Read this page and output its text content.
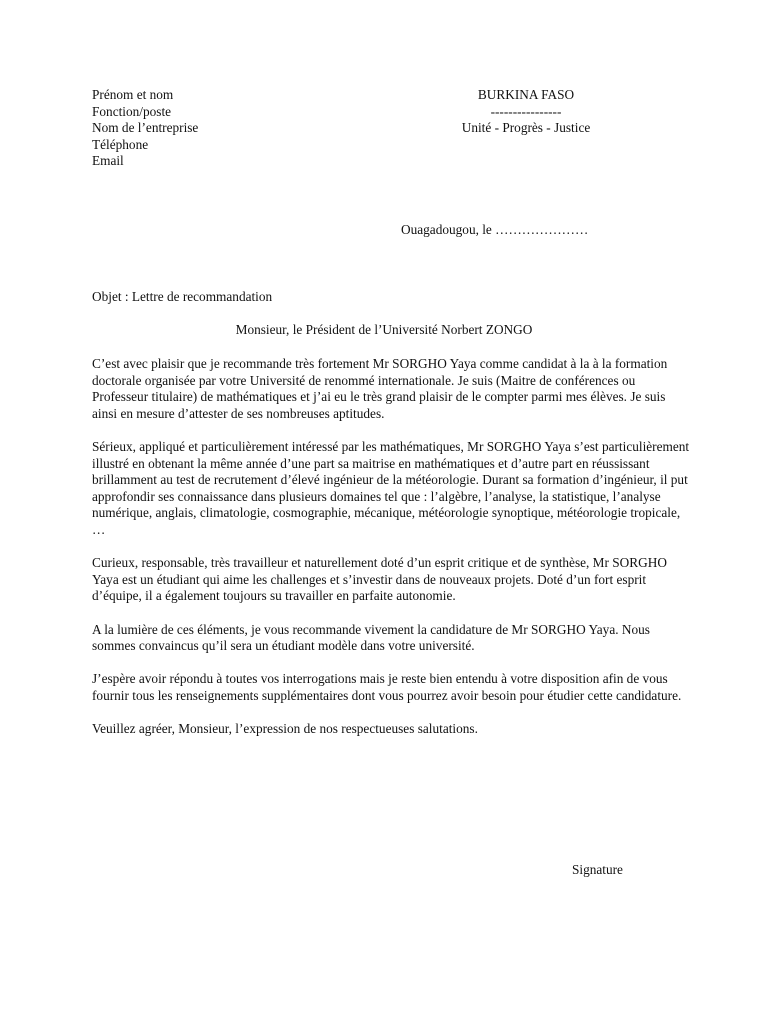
Prénom et nom
Fonction/poste
Nom de l’entreprise
Téléphone
Email
BURKINA FASO
----------------
Unité - Progrès - Justice
Ouagadougou, le …………………
Objet : Lettre de recommandation
Monsieur, le Président de l’Université Norbert ZONGO

C’est avec plaisir que je recommande très fortement Mr SORGHO Yaya comme candidat à la à la formation doctorale organisée par votre Université de renommé internationale. Je suis (Maitre de conférences ou Professeur titulaire) de mathématiques et j’ai eu le très grand plaisir de le compter parmi mes élèves. Je suis ainsi en mesure d’attester de ses nombreuses aptitudes.

Sérieux, appliqué et particulièrement intéressé par les mathématiques, Mr SORGHO Yaya s’est particulièrement illustré en obtenant la même année d’une part sa maitrise en mathématiques et d’autre part en réussissant brillamment au test de recrutement d’élevé ingénieur de la météorologie. Durant sa formation d’ingénieur, il put approfondir ses connaissance dans plusieurs domaines tel que : l’algèbre, l’analyse, la statistique, l’analyse numérique, anglais, climatologie, cosmographie, mécanique, météorologie synoptique, météorologie tropicale, …

Curieux, responsable, très travailleur et naturellement doté d’un esprit critique et de synthèse, Mr SORGHO Yaya est un étudiant qui aime les challenges et s’investir dans de nouveaux projets. Doté d’un fort esprit d’équipe, il a également toujours su travailler en parfaite autonomie.

A la lumière de ces éléments, je vous recommande vivement la candidature de Mr SORGHO Yaya. Nous sommes convaincus qu’il sera un étudiant modèle dans votre université.

J’espère avoir répondu à toutes vos interrogations mais je reste bien entendu à votre disposition afin de vous fournir tous les renseignements supplémentaires dont vous pourrez avoir besoin pour étudier cette candidature.

Veuillez agréer, Monsieur, l’expression de nos respectueuses salutations.

Signature
